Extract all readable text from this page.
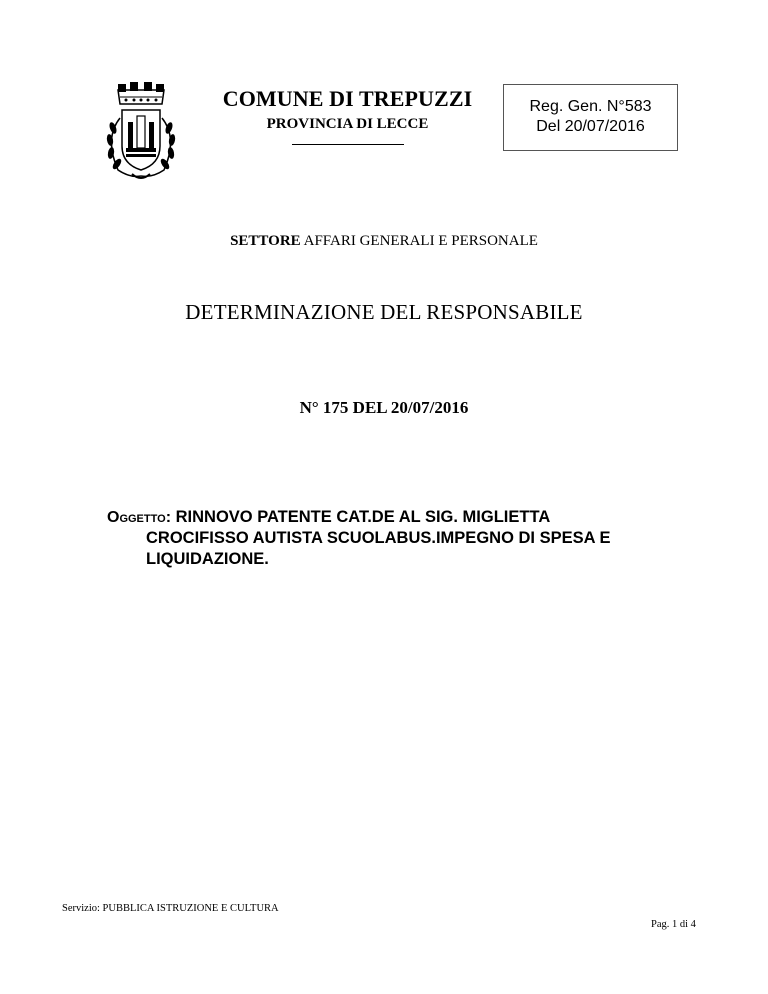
COMUNE DI TREPUZZI
PROVINCIA DI LECCE
Reg. Gen. N°583
Del 20/07/2016
SETTORE AFFARI GENERALI E PERSONALE
DETERMINAZIONE DEL RESPONSABILE
N° 175 DEL 20/07/2016
Oggetto: RINNOVO PATENTE CAT.DE AL SIG. MIGLIETTA
CROCIFISSO AUTISTA SCUOLABUS.IMPEGNO DI SPESA E
LIQUIDAZIONE.
Servizio: PUBBLICA ISTRUZIONE E CULTURA
Pag. 1 di 4
